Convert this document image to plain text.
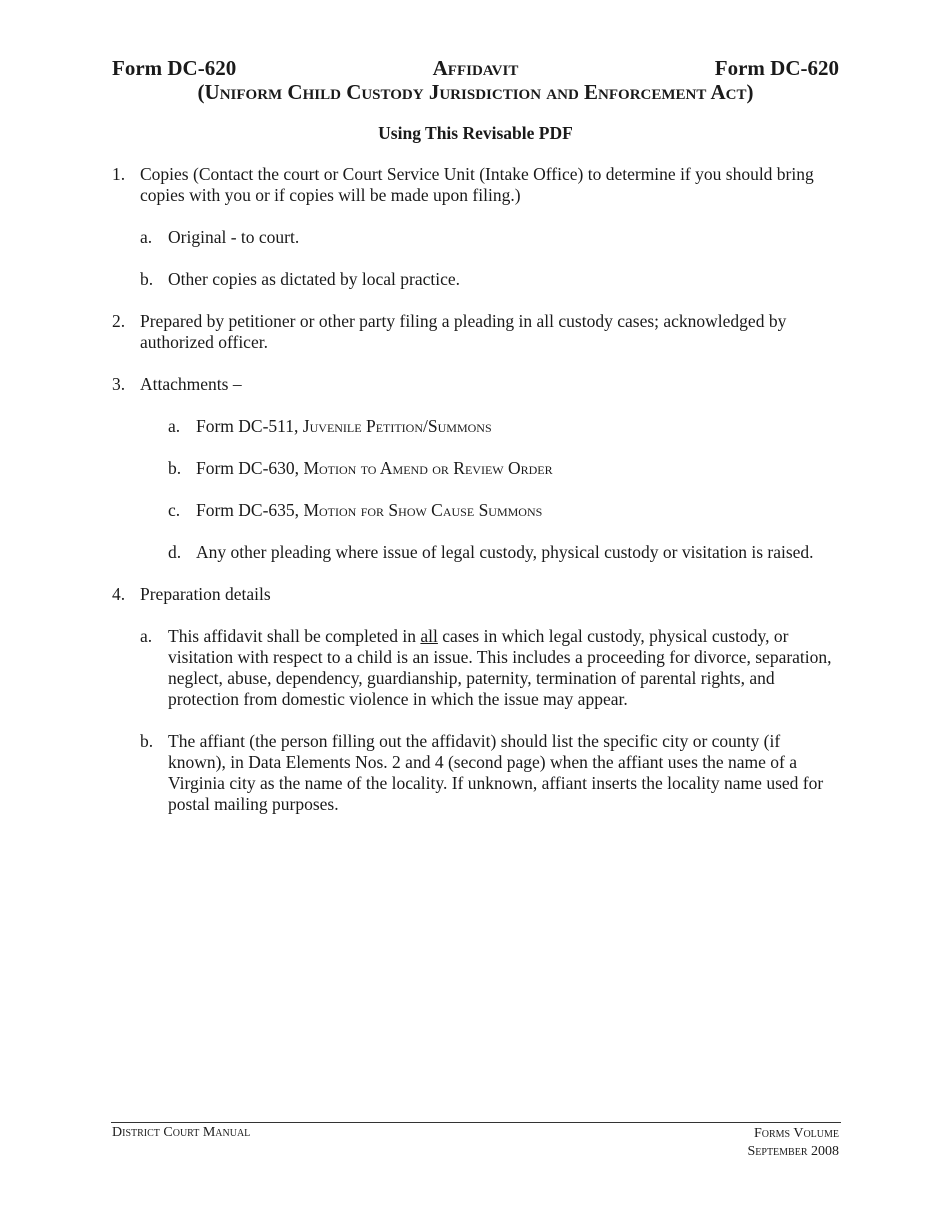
Form DC-620	Affidavit	Form DC-620
(Uniform Child Custody Jurisdiction and Enforcement Act)
Using This Revisable PDF
1. Copies (Contact the court or Court Service Unit (Intake Office) to determine if you should bring copies with you or if copies will be made upon filing.)
a. Original - to court.
b. Other copies as dictated by local practice.
2. Prepared by petitioner or other party filing a pleading in all custody cases; acknowledged by authorized officer.
3. Attachments –
a. Form DC-511, Juvenile Petition/Summons
b. Form DC-630, Motion to Amend or Review Order
c. Form DC-635, Motion for Show Cause Summons
d. Any other pleading where issue of legal custody, physical custody or visitation is raised.
4. Preparation details
a. This affidavit shall be completed in all cases in which legal custody, physical custody, or visitation with respect to a child is an issue. This includes a proceeding for divorce, separation, neglect, abuse, dependency, guardianship, paternity, termination of parental rights, and protection from domestic violence in which the issue may appear.
b. The affiant (the person filling out the affidavit) should list the specific city or county (if known), in Data Elements Nos. 2 and 4 (second page) when the affiant uses the name of a Virginia city as the name of the locality. If unknown, affiant inserts the locality name used for postal mailing purposes.
District Court Manual	Forms Volume
September 2008
